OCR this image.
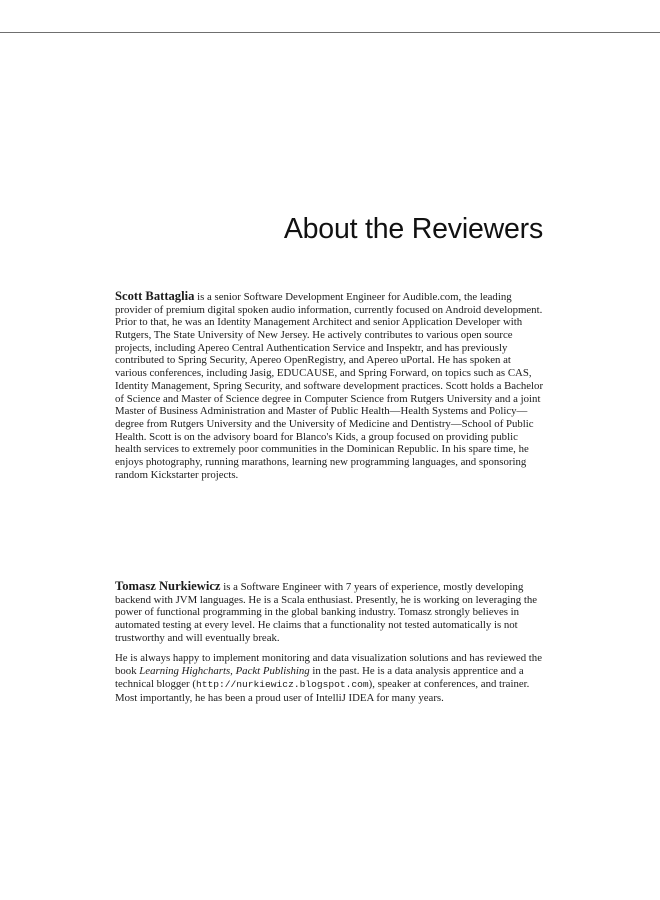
About the Reviewers

Scott Battaglia is a senior Software Development Engineer for Audible.com, the leading provider of premium digital spoken audio information, currently focused on Android development. Prior to that, he was an Identity Management Architect and senior Application Developer with Rutgers, The State University of New Jersey. He actively contributes to various open source projects, including Apereo Central Authentication Service and Inspektr, and has previously contributed to Spring Security, Apereo OpenRegistry, and Apereo uPortal. He has spoken at various conferences, including Jasig, EDUCAUSE, and Spring Forward, on topics such as CAS, Identity Management, Spring Security, and software development practices. Scott holds a Bachelor of Science and Master of Science degree in Computer Science from Rutgers University and a joint Master of Business Administration and Master of Public Health—Health Systems and Policy—degree from Rutgers University and the University of Medicine and Dentistry—School of Public Health. Scott is on the advisory board for Blanco's Kids, a group focused on providing public health services to extremely poor communities in the Dominican Republic. In his spare time, he enjoys photography, running marathons, learning new programming languages, and sponsoring random Kickstarter projects.

Tomasz Nurkiewicz is a Software Engineer with 7 years of experience, mostly developing backend with JVM languages. He is a Scala enthusiast. Presently, he is working on leveraging the power of functional programming in the global banking industry. Tomasz strongly believes in automated testing at every level. He claims that a functionality not tested automatically is not trustworthy and will eventually break.

He is always happy to implement monitoring and data visualization solutions and has reviewed the book Learning Highcharts, Packt Publishing in the past. He is a data analysis apprentice and a technical blogger (http://nurkiewicz.blogspot.com), speaker at conferences, and trainer. Most importantly, he has been a proud user of IntelliJ IDEA for many years.
